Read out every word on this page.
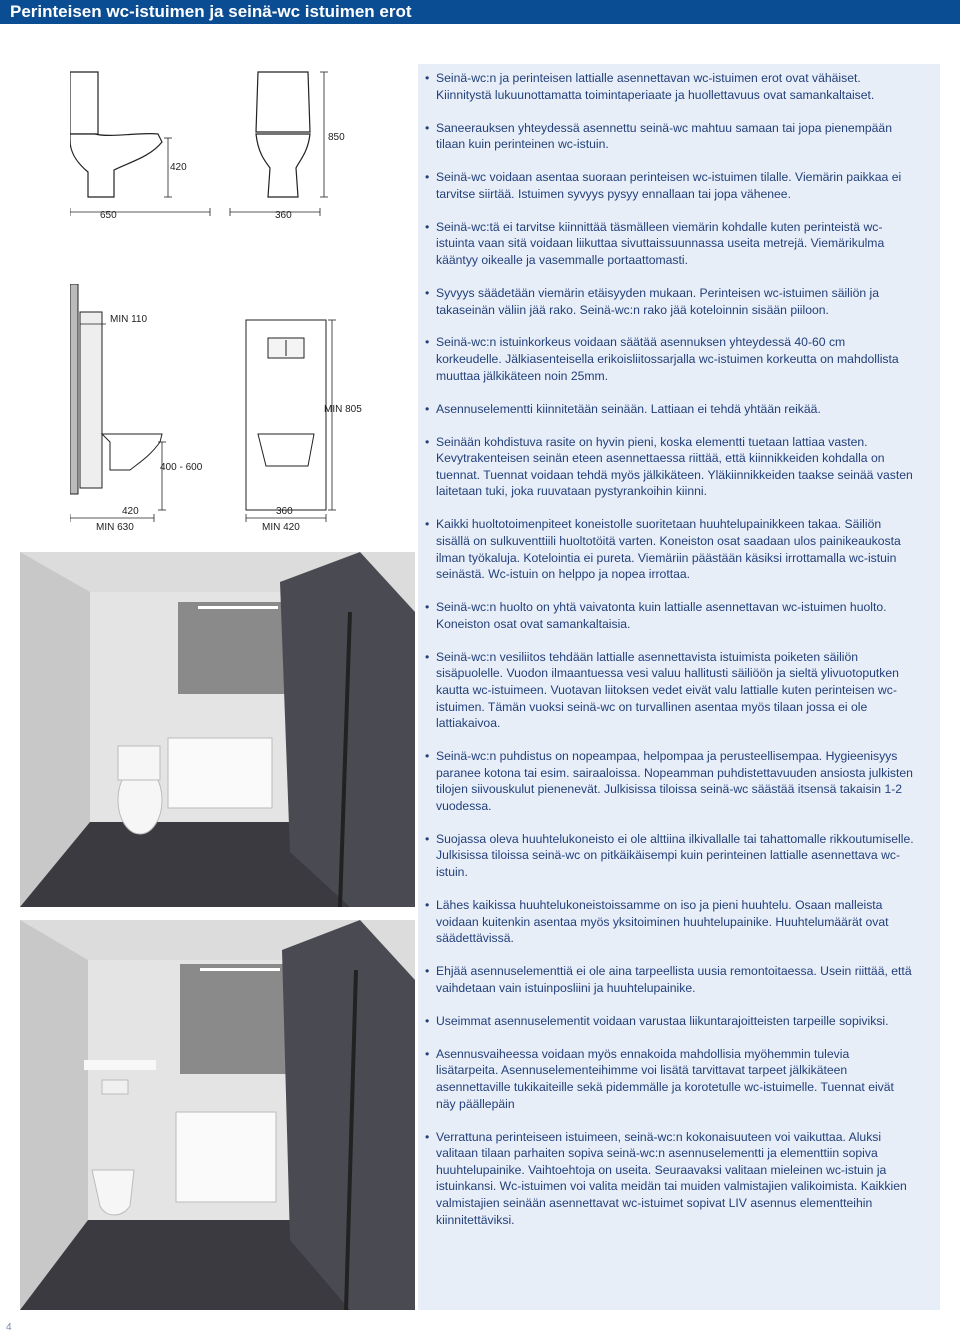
Perinteisen wc-istuimen ja seinä-wc istuimen erot
420
850
650	360
MIN 110
MIN 805
400 - 600
420
MIN 630
360
MIN 420
• Seinä-wc:n ja perinteisen lattialle asennettavan wc-istuimen erot ovat vähäiset. Kiinnitystä lukuunottamatta toimintaperiaate ja huollettavuus ovat samankaltaiset.
• Saneerauksen yhteydessä asennettu seinä-wc mahtuu samaan tai jopa pienempään tilaan kuin perinteinen wc-istuin.
• Seinä-wc voidaan asentaa suoraan perinteisen wc-istuimen tilalle. Viemärin paikkaa ei tarvitse siirtää. Istuimen syvyys pysyy ennallaan tai jopa vähenee.
• Seinä-wc:tä ei tarvitse kiinnittää täsmälleen viemärin kohdalle kuten perinteistä wc-istuinta vaan sitä voidaan liikuttaa sivuttaissuunnassa useita metrejä. Viemärikulma kääntyy oikealle ja vasemmalle portaattomasti.
• Syvyys säädetään viemärin etäisyyden mukaan. Perinteisen wc-istuimen säiliön ja takaseinän väliin jää rako. Seinä-wc:n rako jää koteloinnin sisään piiloon.
• Seinä-wc:n istuinkorkeus voidaan säätää asennuksen yhteydessä 40-60 cm korkeudelle. Jälkiasenteisella erikoisliitossarjalla wc-istuimen korkeutta on mahdollista muuttaa jälkikäteen noin 25mm.
• Asennuselementti kiinnitetään seinään. Lattiaan ei tehdä yhtään reikää.
• Seinään kohdistuva rasite on hyvin pieni, koska elementti tuetaan lattiaa vasten. Kevytrakenteisen seinän eteen asennettaessa riittää, että kiinnikkeiden kohdalla on tuennat. Tuennat voidaan tehdä myös jälkikäteen. Yläkiinnikkeiden taakse seinää vasten laitetaan tuki, joka ruuvataan pystyrankoihin kiinni.
• Kaikki huoltotoimenpiteet koneistolle suoritetaan huuhtelupainikkeen takaa. Säiliön sisällä on sulkuventtiili huoltotöitä varten. Koneiston osat saadaan ulos painikeaukosta ilman työkaluja. Kotelointia ei pureta. Viemäriin päästään käsiksi irrottamalla wc-istuin seinästä. Wc-istuin on helppo ja nopea irrottaa.
• Seinä-wc:n huolto on yhtä vaivatonta kuin lattialle asennettavan wc-istuimen huolto. Koneiston osat ovat samankaltaisia.
• Seinä-wc:n vesiliitos tehdään lattialle asennettavista istuimista poiketen säiliön sisäpuolelle. Vuodon ilmaantuessa vesi valuu hallitusti säiliöön ja sieltä ylivuotoputken kautta wc-istuimeen. Vuotavan liitoksen vedet eivät valu lattialle kuten perinteisen wc-istuimen. Tämän vuoksi seinä-wc on turvallinen asentaa myös tilaan jossa ei ole lattiakaivoa.
• Seinä-wc:n puhdistus on nopeampaa, helpompaa ja perusteellisempaa. Hygieenisyys paranee kotona tai esim. sairaaloissa. Nopeamman puhdistettavuuden ansiosta julkisten tilojen siivouskulut pienenevät. Julkisissa tiloissa seinä-wc säästää itsensä takaisin 1-2 vuodessa.
• Suojassa oleva huuhtelukoneisto ei ole alttiina ilkivallalle tai tahattomalle rikkoutumiselle. Julkisissa tiloissa seinä-wc on pitkäikäisempi kuin perinteinen lattialle asennettava wc-istuin.
• Lähes kaikissa huuhtelukoneistoissamme on iso ja pieni huuhtelu. Osaan malleista voidaan kuitenkin asentaa myös yksitoiminen huuhtelupainike. Huuhtelumäärät ovat säädettävissä.
• Ehjää asennuselementtiä ei ole aina tarpeellista uusia remontoitaessa. Usein riittää, että vaihdetaan vain istuinposliini ja huuhtelupainike.
• Useimmat asennuselementit voidaan varustaa liikuntarajoitteisten tarpeille sopiviksi.
• Asennusvaiheessa voidaan myös ennakoida mahdollisia myöhemmin tulevia lisätarpeita. Asennuselementeihimme voi lisätä tarvittavat tarpeet jälkikäteen asennettaville tukikaiteille sekä pidemmälle ja korotetulle wc-istuimelle. Tuennat eivät näy päällepäin
• Verrattuna perinteiseen istuimeen, seinä-wc:n kokonaisuuteen voi vaikuttaa. Aluksi valitaan tilaan parhaiten sopiva seinä-wc:n asennuselementti ja elementtiin sopiva huuhtelupainike. Vaihtoehtoja on useita. Seuraavaksi valitaan mieleinen wc-istuin ja istuinkansi. Wc-istuimen voi valita meidän tai muiden valmistajien valikoimista. Kaikkien valmistajien seinään asennettavat wc-istuimet sopivat LIV asennus elementteihin kiinnitettäviksi.
4
